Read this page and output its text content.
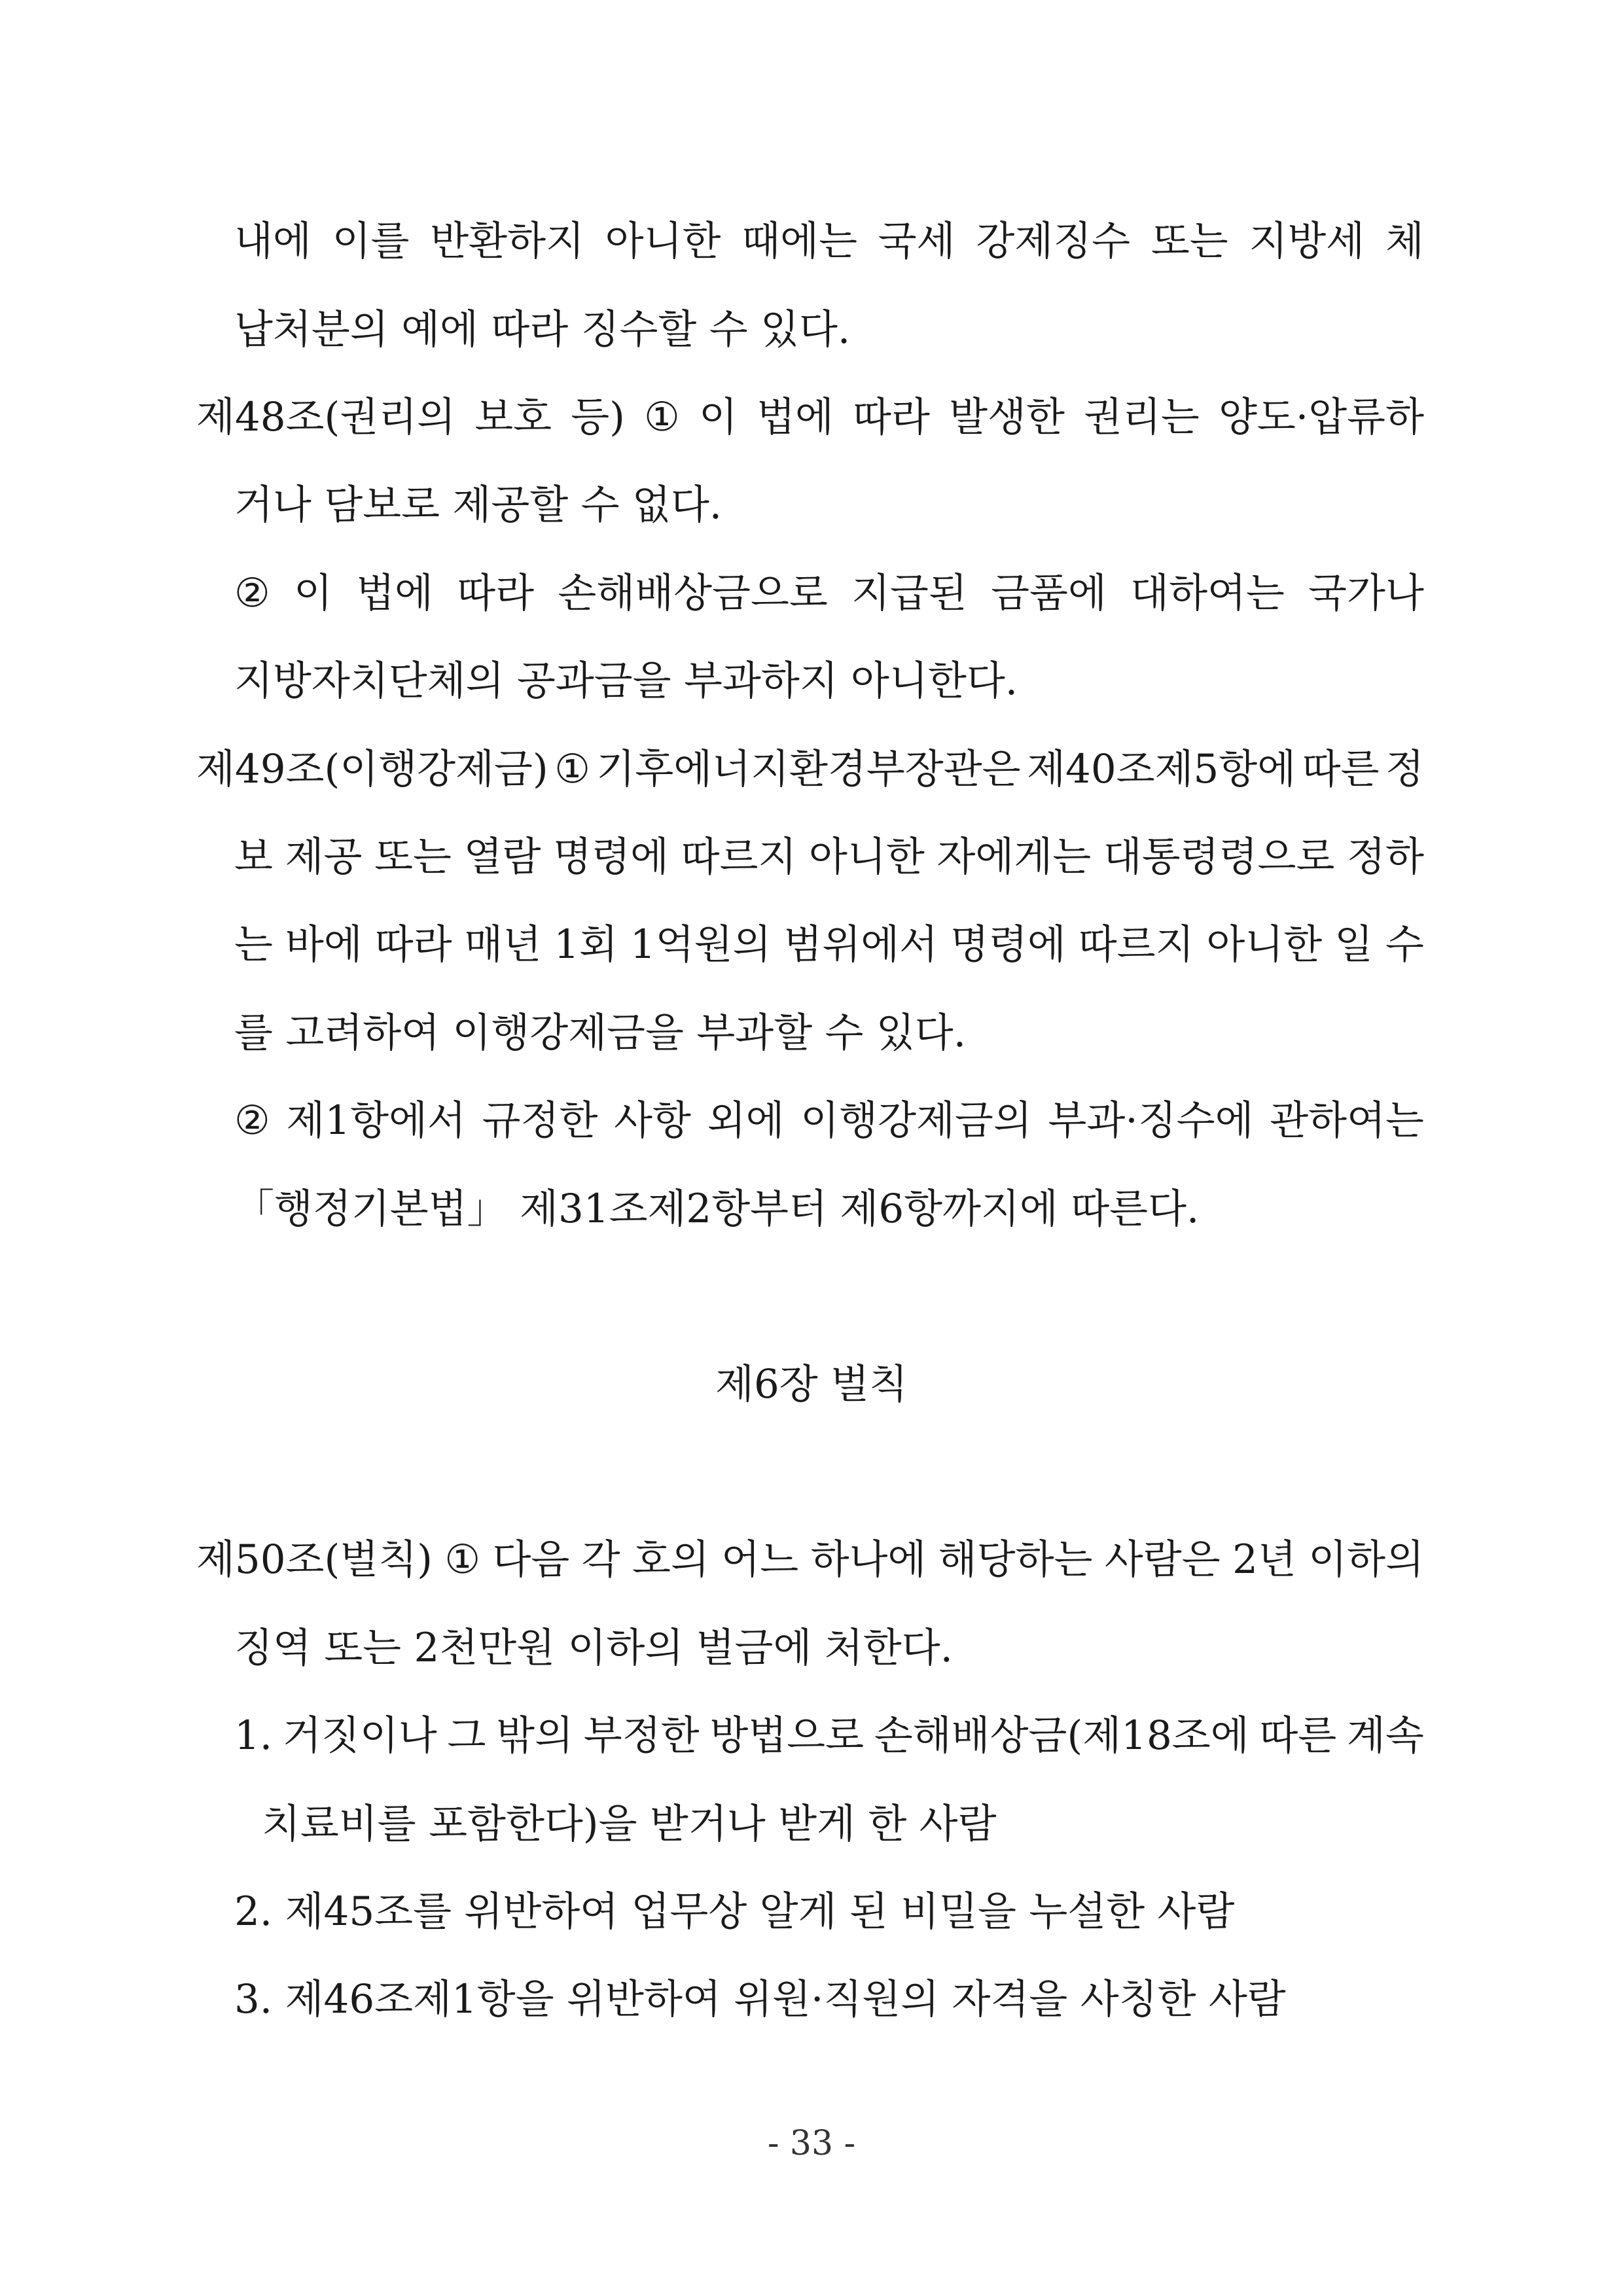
내에 이를 반환하지 아니한 때에는 국세 강제징수 또는 지방세 체
납처분의 예에 따라 징수할 수 있다.
제48조(권리의 보호 등) ① 이 법에 따라 발생한 권리는 양도·압류하
거나 담보로 제공할 수 없다.
② 이 법에 따라 손해배상금으로 지급된 금품에 대하여는 국가나
지방자치단체의 공과금을 부과하지 아니한다.
제49조(이행강제금) ① 기후에너지환경부장관은 제40조제5항에 따른 정
보 제공 또는 열람 명령에 따르지 아니한 자에게는 대통령령으로 정하
는 바에 따라 매년 1회 1억원의 범위에서 명령에 따르지 아니한 일 수
를 고려하여 이행강제금을 부과할 수 있다.
② 제1항에서 규정한 사항 외에 이행강제금의 부과·징수에 관하여는
「행정기본법」 제31조제2항부터 제6항까지에 따른다.
제6장 벌칙
제50조(벌칙) ① 다음 각 호의 어느 하나에 해당하는 사람은 2년 이하의
징역 또는 2천만원 이하의 벌금에 처한다.
1. 거짓이나 그 밖의 부정한 방법으로 손해배상금(제18조에 따른 계속
치료비를 포함한다)을 받거나 받게 한 사람
2. 제45조를 위반하여 업무상 알게 된 비밀을 누설한 사람
3. 제46조제1항을 위반하여 위원·직원의 자격을 사칭한 사람
- 33 -
